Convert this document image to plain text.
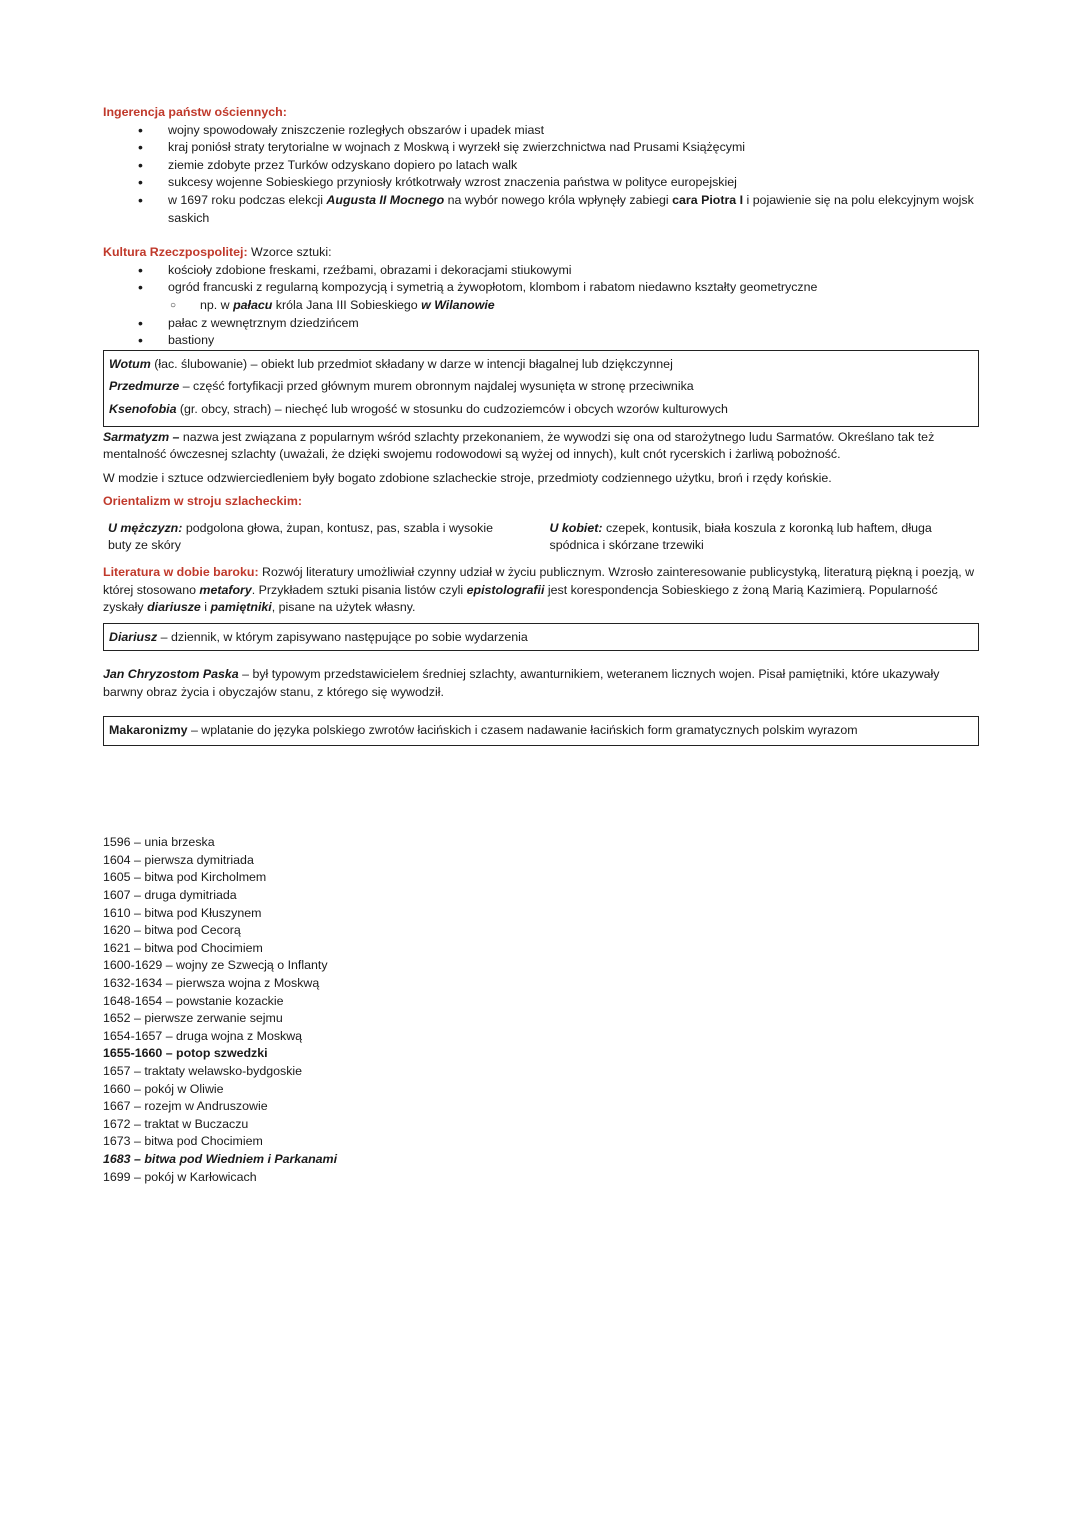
Ingerencja państw ościennych:

• wojny spowodowały zniszczenie rozległych obszarów i upadek miast
• kraj poniósł straty terytorialne w wojnach z Moskwą i wyrzekł się zwierzchnictwa nad Prusami Książęcymi
• ziemie zdobyte przez Turków odzyskano dopiero po latach walk
• sukcesy wojenne Sobieskiego przyniosły krótkotrwały wzrost znaczenia państwa w polityce europejskiej
• w 1697 roku podczas elekcji Augusta II Mocnego na wybór nowego króla wpłynęły zabiegi cara Piotra I i pojawienie się na polu elekcyjnym wojsk saskich

Kultura Rzeczpospolitej: Wzorce sztuki:

• kościoły zdobione freskami, rzeźbami, obrazami i dekoracjami stiukowymi
• ogród francuski z regularną kompozycją i symetrią a żywopłotom, klombom i rabatom niedawno kształty geometryczne
○ np. w pałacu króla Jana III Sobieskiego w Wilanowie
• pałac z wewnętrznym dziedzińcem
• bastiony

Wotum (łac. ślubowanie) – obiekt lub przedmiot składany w darze w intencji błagalnej lub dziękczynnej

Przedmurze – część fortyfikacji przed głównym murem obronnym najdalej wysunięta w stronę przeciwnika

Ksenofobia (gr. obcy, strach) – niechęć lub wrogość w stosunku do cudzoziemców i obcych wzorów kulturowych

Sarmatyzm – nazwa jest związana z popularnym wśród szlachty przekonaniem, że wywodzi się ona od starożytnego ludu Sarmatów. Określano tak też mentalność ówczesnej szlachty (uważali, że dzięki swojemu rodowodowi są wyżej od innych), kult cnót rycerskich i żarliwą pobożność.

W modzie i sztuce odzwierciedleniem były bogato zdobione szlacheckie stroje, przedmioty codziennego użytku, broń i rzędy końskie.

Orientalizm w stroju szlacheckim:

U mężczyzn: podgolona głowa, żupan, kontusz, pas, szabla i wysokie buty ze skóry
U kobiet: czepek, kontusik, biała koszula z koronką lub haftem, długa spódnica i skórzane trzewiki

Literatura w dobie baroku: Rozwój literatury umożliwiał czynny udział w życiu publicznym. Wzrosło zainteresowanie publicystyką, literaturą piękną i poezją, w której stosowano metafory. Przykładem sztuki pisania listów czyli epistolografii jest korespondencja Sobieskiego z żoną Marią Kazimierą. Popularność zyskały diariusze i pamiętniki, pisane na użytek własny.

Diariusz – dziennik, w którym zapisywano następujące po sobie wydarzenia

Jan Chryzostom Paska – był typowym przedstawicielem średniej szlachty, awanturnikiem, weteranem licznych wojen. Pisał pamiętniki, które ukazywały barwny obraz życia i obyczajów stanu, z którego się wywodził.

Makaronizmy – wplatanie do języka polskiego zwrotów łacińskich i czasem nadawanie łacińskich form gramatycznych polskim wyrazom

1596 – unia brzeska
1604 – pierwsza dymitriada
1605 – bitwa pod Kircholmem
1607 – druga dymitriada
1610 – bitwa pod Kłuszynem
1620 – bitwa pod Cecorą
1621 – bitwa pod Chocimiem
1600-1629 – wojny ze Szwecją o Inflanty
1632-1634 – pierwsza wojna z Moskwą
1648-1654 – powstanie kozackie
1652 – pierwsze zerwanie sejmu
1654-1657 – druga wojna z Moskwą
1655-1660 – potop szwedzki
1657 – traktaty welawsko-bydgoskie
1660 – pokój w Oliwie
1667 – rozejm w Andruszowie
1672 – traktat w Buczaczu
1673 – bitwa pod Chocimiem
1683 – bitwa pod Wiedniem i Parkanami
1699 – pokój w Karłowicach
